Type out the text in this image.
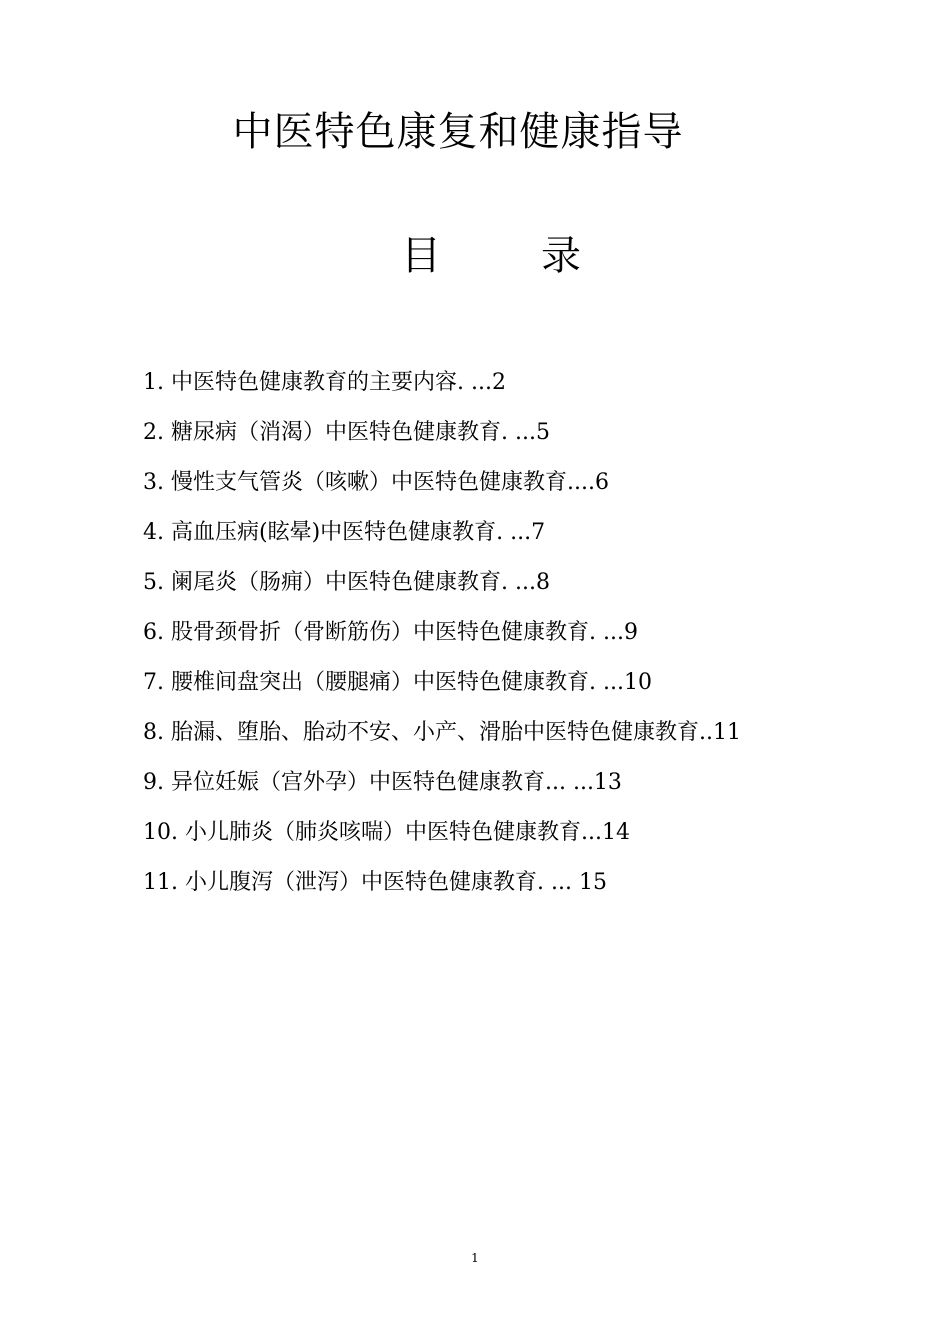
中医特色康复和健康指导
目	录
1. 中医特色健康教育的主要内容. ...2
2. 糖尿病（消渴）中医特色健康教育. ...5
3. 慢性支气管炎（咳嗽）中医特色健康教育....6
4. 高血压病(眩晕)中医特色健康教育. ...7
5. 阑尾炎（肠痈）中医特色健康教育. ...8
6. 股骨颈骨折（骨断筋伤）中医特色健康教育. ...9
7. 腰椎间盘突出（腰腿痛）中医特色健康教育. ...10
8. 胎漏、堕胎、胎动不安、小产、滑胎中医特色健康教育..11
9. 异位妊娠（宫外孕）中医特色健康教育... ...13
10. 小儿肺炎（肺炎咳喘）中医特色健康教育...14
11. 小儿腹泻（泄泻）中医特色健康教育. ... 15
1
